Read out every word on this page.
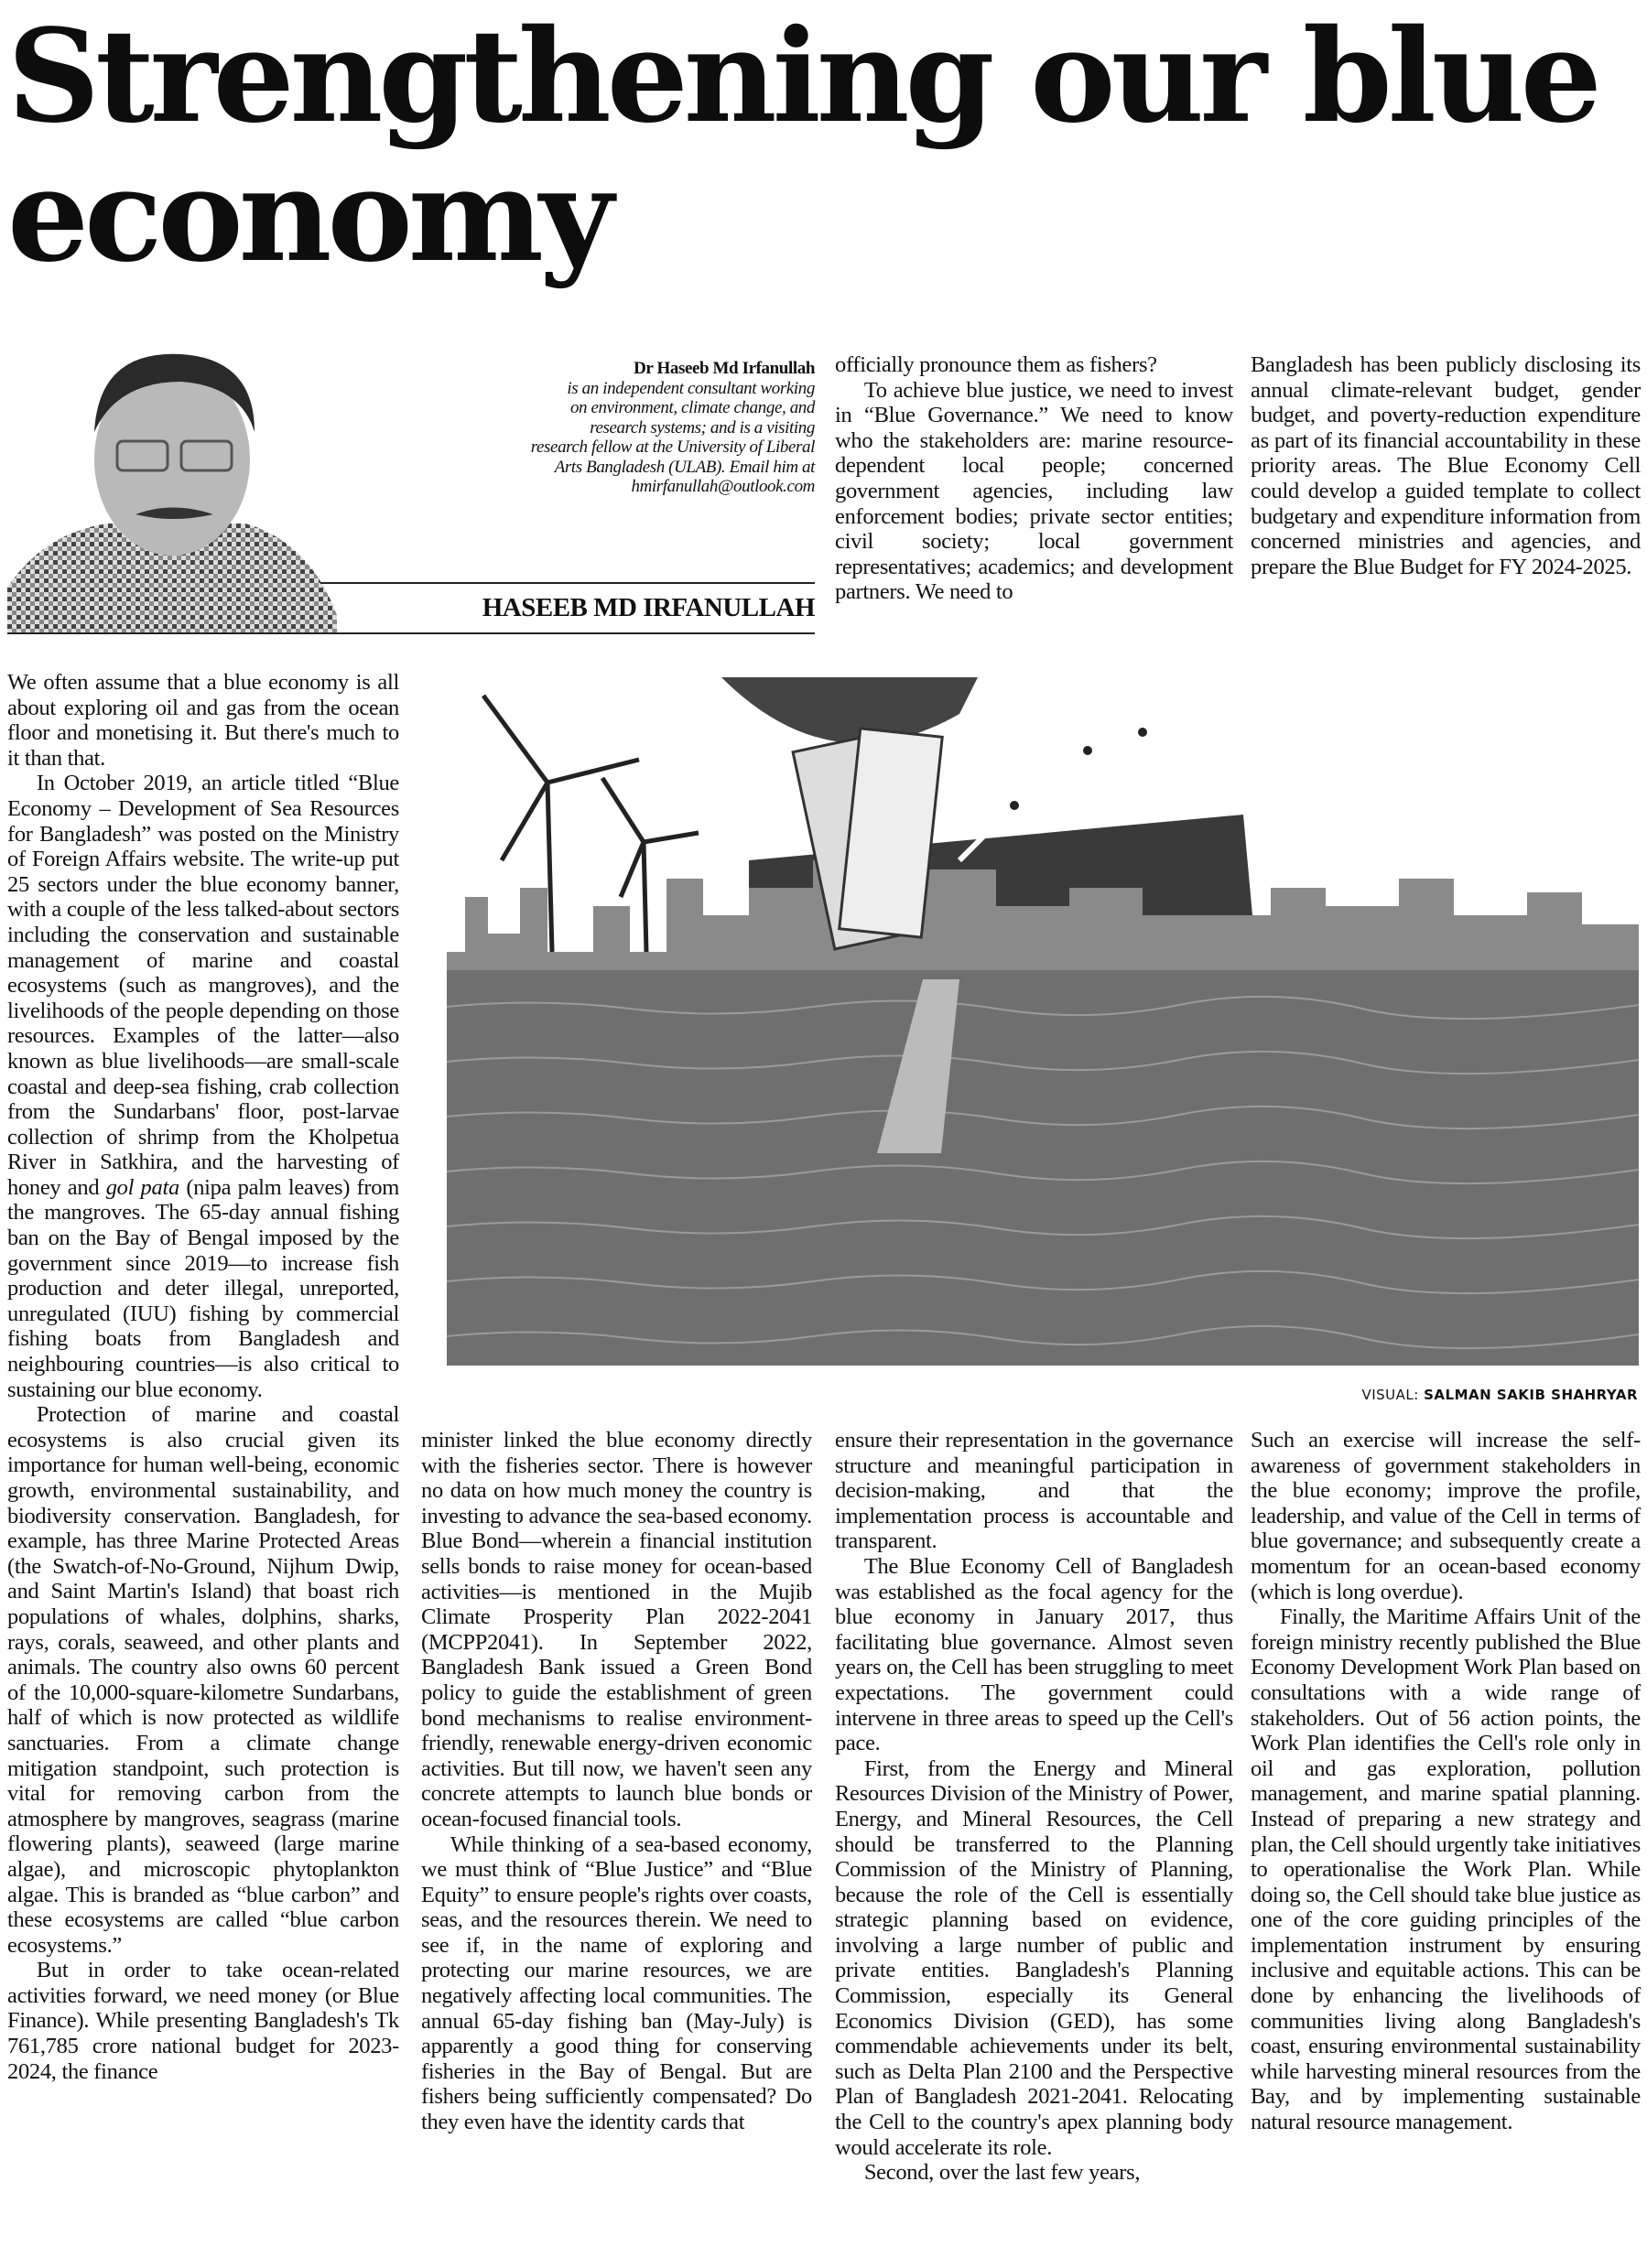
Strengthening our blue
economy
Dr Haseeb Md Irfanullah
is an independent consultant working
on environment, climate change, and
research systems; and is a visiting
research fellow at the University of Liberal
Arts Bangladesh (ULAB). Email him at
hmirfanullah@outlook.com
HASEEB MD IRFANULLAH

officially pronounce them as fishers?

To achieve blue justice, we need to invest in “Blue Governance.” We need to know who the stakeholders are: marine resource-dependent local people; concerned government agencies, including law enforcement bodies; private sector entities; civil society; local government representatives; academics; and development partners. We need to

Bangladesh has been publicly disclosing its annual climate-relevant budget, gender budget, and poverty-reduction expenditure as part of its financial accountability in these priority areas. The Blue Economy Cell could develop a guided template to collect budgetary and expenditure information from concerned ministries and agencies, and prepare the Blue Budget for FY 2024-2025.

We often assume that a blue economy is all about exploring oil and gas from the ocean floor and monetising it. But there's much to it than that.

In October 2019, an article titled “Blue Economy – Development of Sea Resources for Bangladesh” was posted on the Ministry of Foreign Affairs website. The write-up put 25 sectors under the blue economy banner, with a couple of the less talked-about sectors including the conservation and sustainable management of marine and coastal ecosystems (such as mangroves), and the livelihoods of the people depending on those resources. Examples of the latter—also known as blue livelihoods—are small-scale coastal and deep-sea fishing, crab collection from the Sundarbans' floor, post-larvae collection of shrimp from the Kholpetua River in Satkhira, and the harvesting of honey and gol pata (nipa palm leaves) from the mangroves. The 65-day annual fishing ban on the Bay of Bengal imposed by the government since 2019—to increase fish production and deter illegal, unreported, unregulated (IUU) fishing by commercial fishing boats from Bangladesh and neighbouring countries—is also critical to sustaining our blue economy.

Protection of marine and coastal ecosystems is also crucial given its importance for human well-being, economic growth, environmental sustainability, and biodiversity conservation. Bangladesh, for example, has three Marine Protected Areas (the Swatch-of-No-Ground, Nijhum Dwip, and Saint Martin's Island) that boast rich populations of whales, dolphins, sharks, rays, corals, seaweed, and other plants and animals. The country also owns 60 percent of the 10,000-square-kilometre Sundarbans, half of which is now protected as wildlife sanctuaries. From a climate change mitigation standpoint, such protection is vital for removing carbon from the atmosphere by mangroves, seagrass (marine flowering plants), seaweed (large marine algae), and microscopic phytoplankton algae. This is branded as “blue carbon” and these ecosystems are called “blue carbon ecosystems.”

But in order to take ocean-related activities forward, we need money (or Blue Finance). While presenting Bangladesh's Tk 761,785 crore national budget for 2023-2024, the finance

VISUAL: SALMAN SAKIB SHAHRYAR

minister linked the blue economy directly with the fisheries sector. There is however no data on how much money the country is investing to advance the sea-based economy. Blue Bond—wherein a financial institution sells bonds to raise money for ocean-based activities—is mentioned in the Mujib Climate Prosperity Plan 2022-2041 (MCPP2041). In September 2022, Bangladesh Bank issued a Green Bond policy to guide the establishment of green bond mechanisms to realise environment-friendly, renewable energy-driven economic activities. But till now, we haven't seen any concrete attempts to launch blue bonds or ocean-focused financial tools.

While thinking of a sea-based economy, we must think of “Blue Justice” and “Blue Equity” to ensure people's rights over coasts, seas, and the resources therein. We need to see if, in the name of exploring and protecting our marine resources, we are negatively affecting local communities. The annual 65-day fishing ban (May-July) is apparently a good thing for conserving fisheries in the Bay of Bengal. But are fishers being sufficiently compensated? Do they even have the identity cards that

ensure their representation in the governance structure and meaningful participation in decision-making, and that the implementation process is accountable and transparent.

The Blue Economy Cell of Bangladesh was established as the focal agency for the blue economy in January 2017, thus facilitating blue governance. Almost seven years on, the Cell has been struggling to meet expectations. The government could intervene in three areas to speed up the Cell's pace.

First, from the Energy and Mineral Resources Division of the Ministry of Power, Energy, and Mineral Resources, the Cell should be transferred to the Planning Commission of the Ministry of Planning, because the role of the Cell is essentially strategic planning based on evidence, involving a large number of public and private entities. Bangladesh's Planning Commission, especially its General Economics Division (GED), has some commendable achievements under its belt, such as Delta Plan 2100 and the Perspective Plan of Bangladesh 2021-2041. Relocating the Cell to the country's apex planning body would accelerate its role.

Second, over the last few years,

Such an exercise will increase the self-awareness of government stakeholders in the blue economy; improve the profile, leadership, and value of the Cell in terms of blue governance; and subsequently create a momentum for an ocean-based economy (which is long overdue).

Finally, the Maritime Affairs Unit of the foreign ministry recently published the Blue Economy Development Work Plan based on consultations with a wide range of stakeholders. Out of 56 action points, the Work Plan identifies the Cell's role only in oil and gas exploration, pollution management, and marine spatial planning. Instead of preparing a new strategy and plan, the Cell should urgently take initiatives to operationalise the Work Plan. While doing so, the Cell should take blue justice as one of the core guiding principles of the implementation instrument by ensuring inclusive and equitable actions. This can be done by enhancing the livelihoods of communities living along Bangladesh's coast, ensuring environmental sustainability while harvesting mineral resources from the Bay, and by implementing sustainable natural resource management.
